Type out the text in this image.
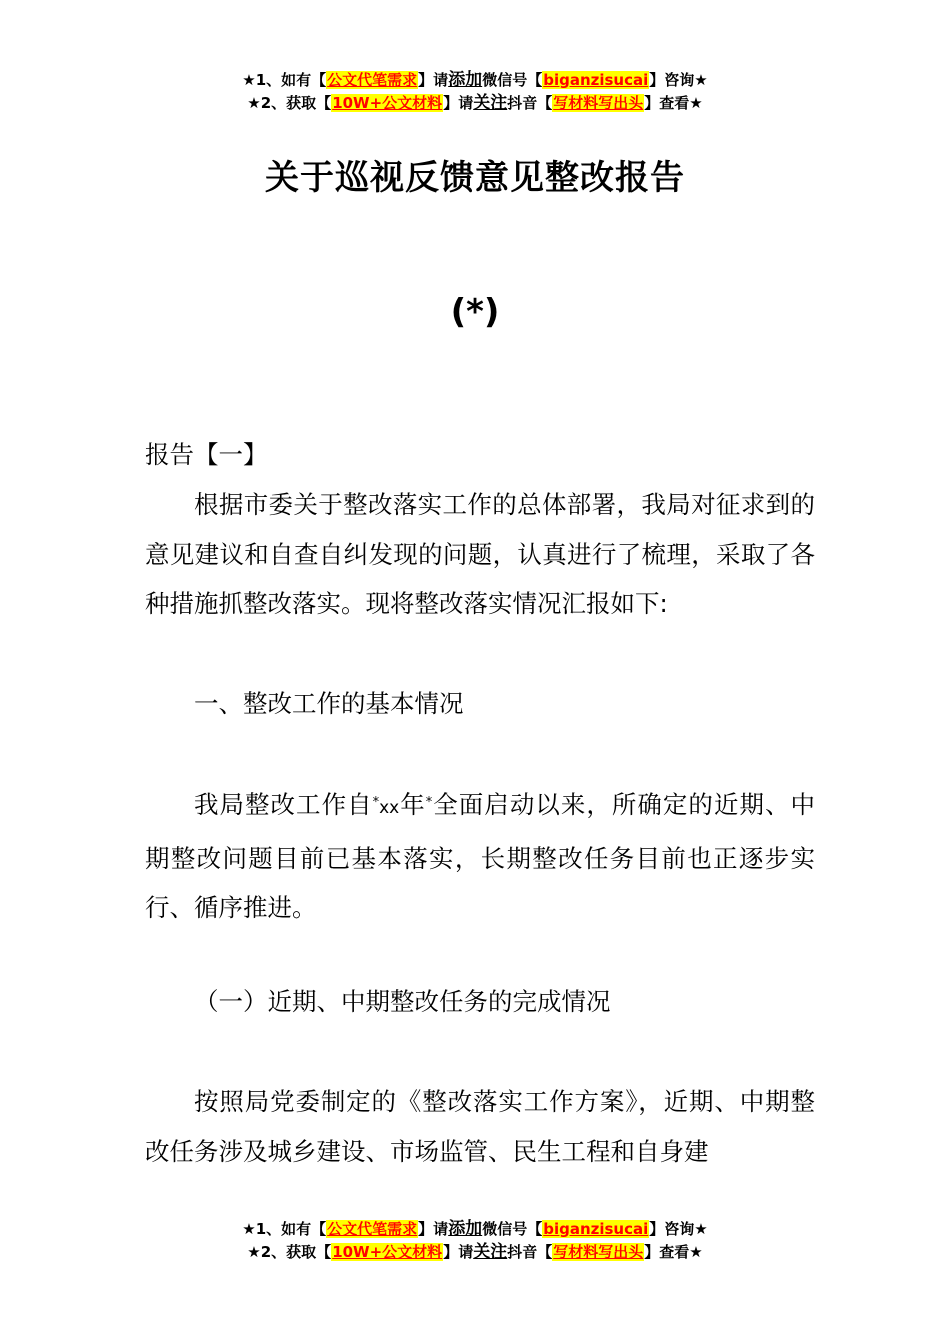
★1、如有【公文代笔需求】请添加微信号【biganzisucai】咨询★
★2、获取【10W+公文材料】请关注抖音【写材料写出头】查看★
关于巡视反馈意见整改报告
(*)

报告【一】

根据市委关于整改落实工作的总体部署，我局对征求到的意见建议和自查自纠发现的问题，认真进行了梳理，采取了各种措施抓整改落实。现将整改落实情况汇报如下:

一、整改工作的基本情况

我局整改工作自*xx年*全面启动以来，所确定的近期、中期整改问题目前已基本落实，长期整改任务目前也正逐步实行、循序推进。

（一）近期、中期整改任务的完成情况

按照局党委制定的《整改落实工作方案》，近期、中期整改任务涉及城乡建设、市场监管、民生工程和自身建

★1、如有【公文代笔需求】请添加微信号【biganzisucai】咨询★
★2、获取【10W+公文材料】请关注抖音【写材料写出头】查看★
